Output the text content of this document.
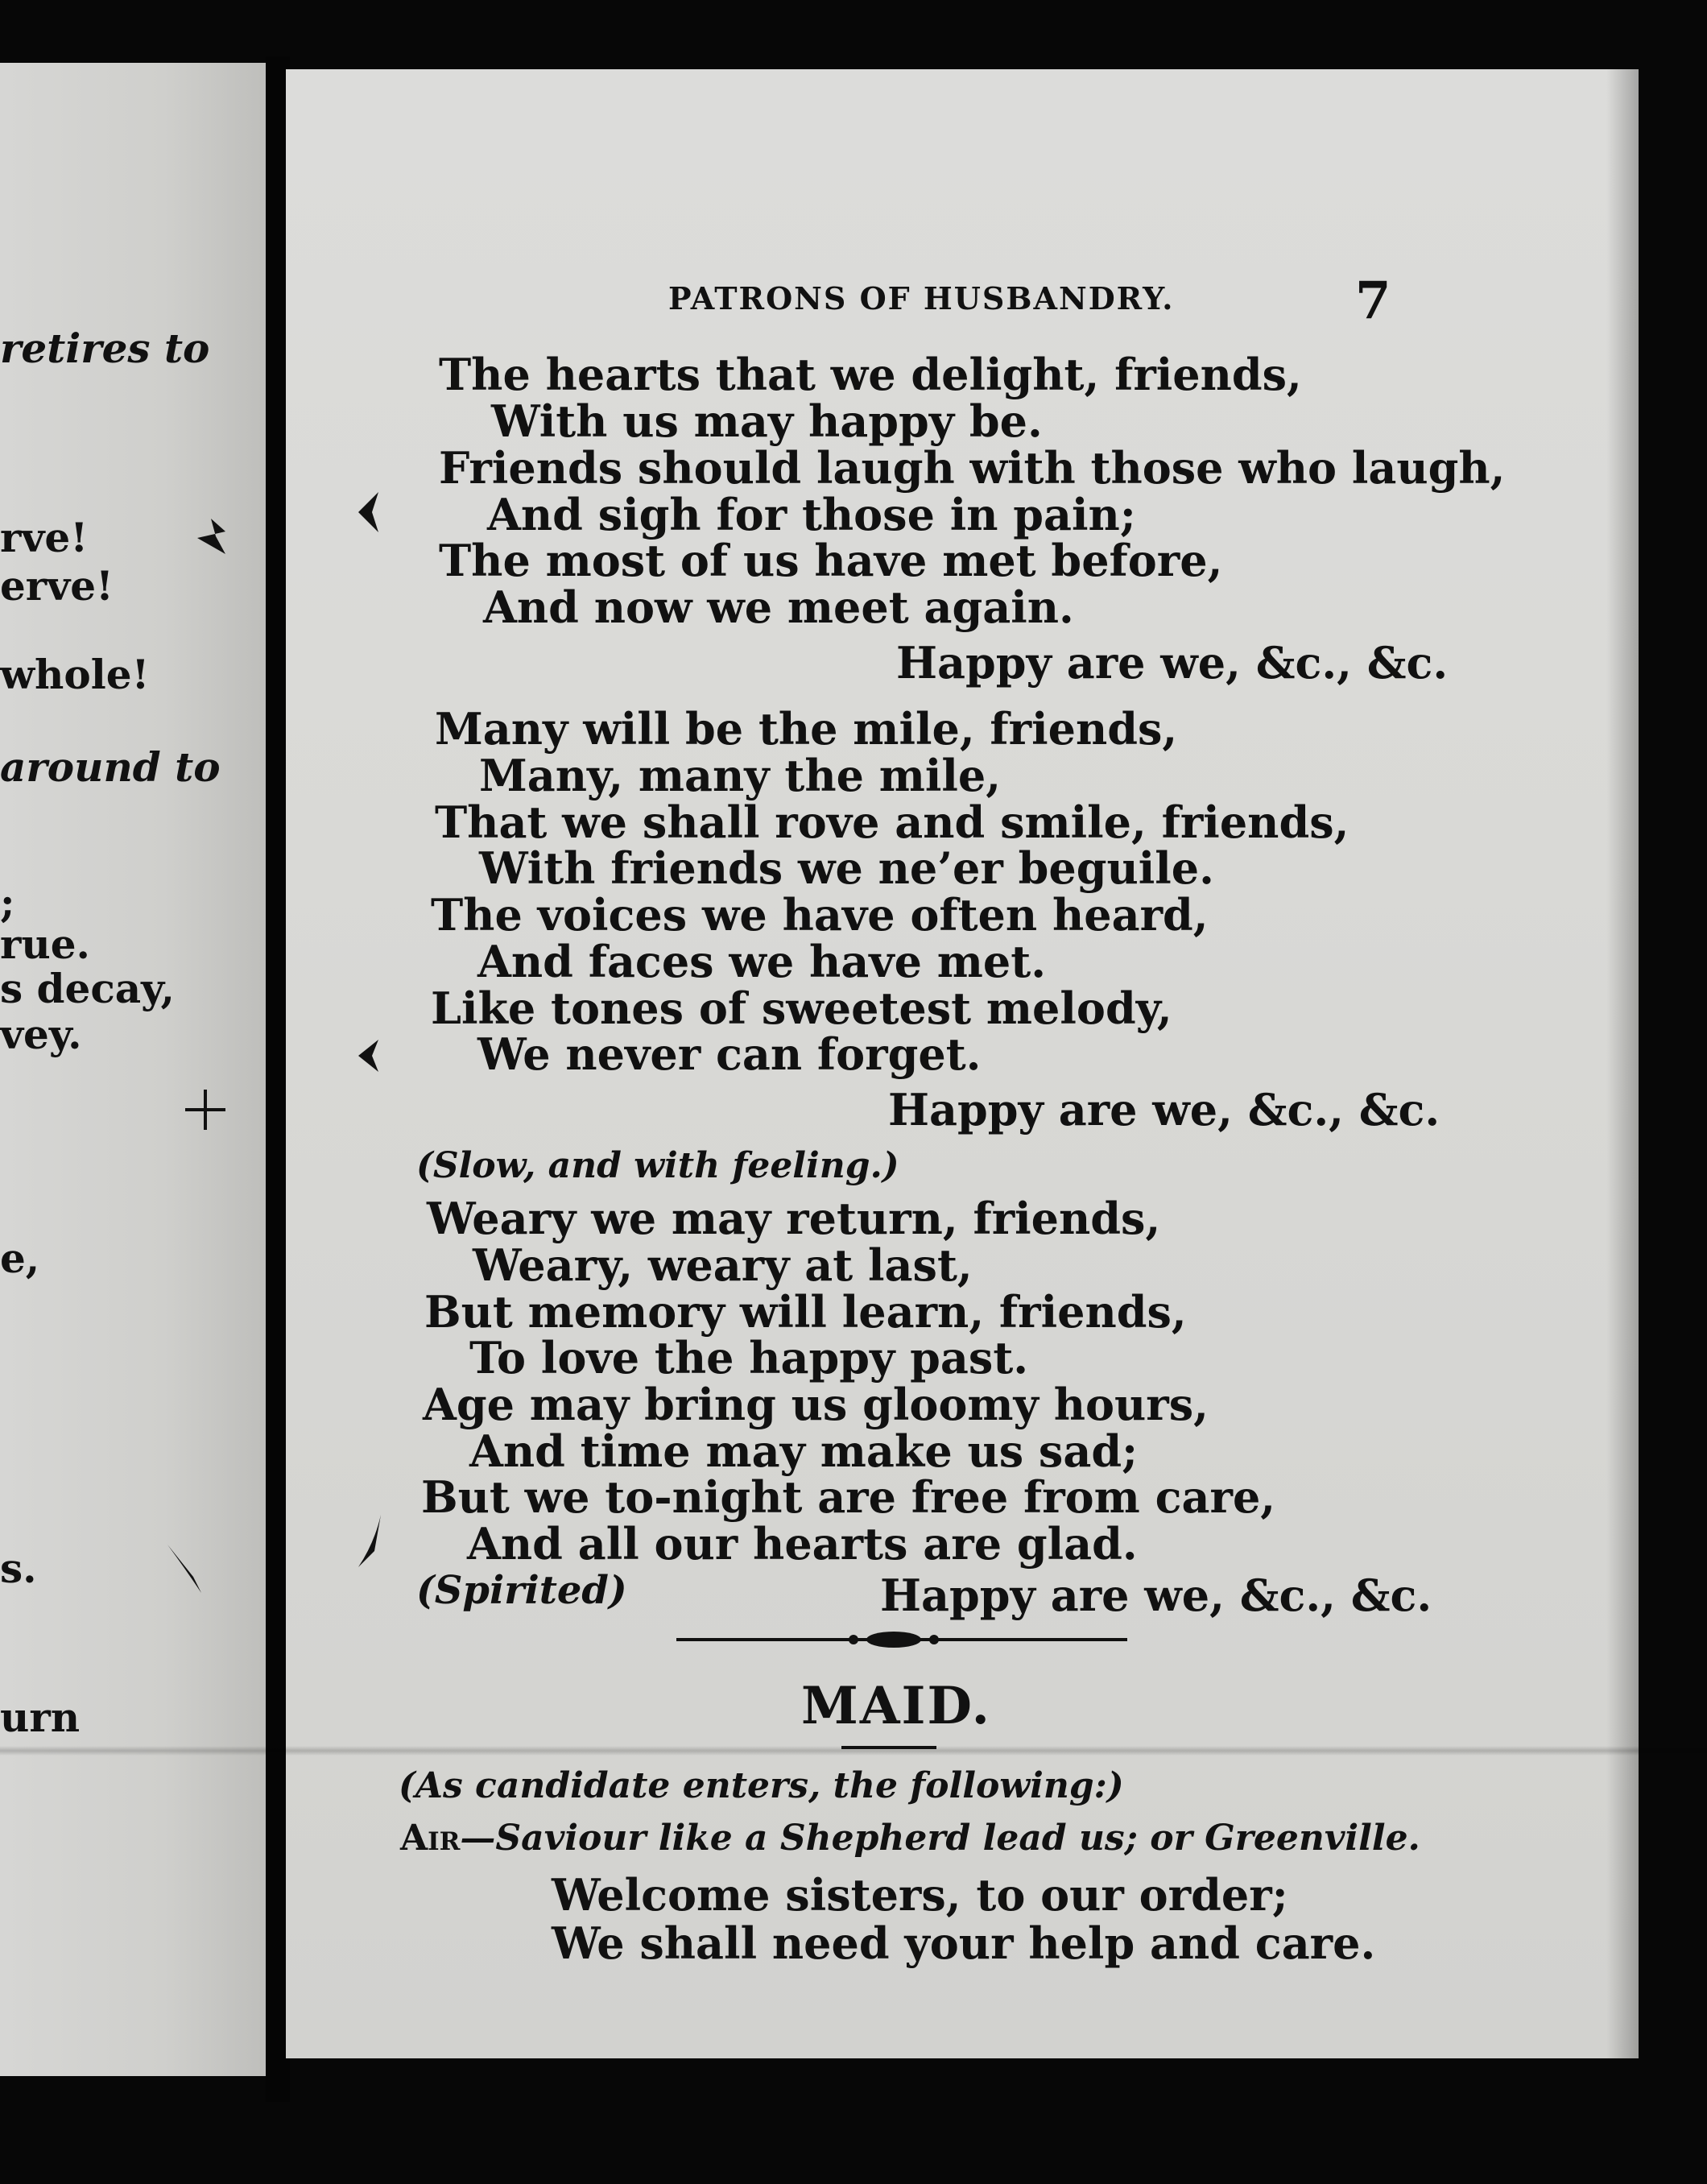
retires to
rve!
erve!
whole!
around to
;
rue.
s decay,
vey.
e,
s.
urn
PATRONS OF HUSBANDRY.	7
The hearts that we delight, friends,
With us may happy be.
Friends should laugh with those who laugh,
And sigh for those in pain;
The most of us have met before,
And now we meet again.
Happy are we, &c., &c.
Many will be the mile, friends,
Many, many the mile,
That we shall rove and smile, friends,
With friends we ne’er beguile.
The voices we have often heard,
And faces we have met.
Like tones of sweetest melody,
We never can forget.
Happy are we, &c., &c.
(Slow, and with feeling.)
Weary we may return, friends,
Weary, weary at last,
But memory will learn, friends,
To love the happy past.
Age may bring us gloomy hours,
And time may make us sad;
But we to-night are free from care,
And all our hearts are glad.
(Spirited)	Happy are we, &c., &c.
MAID.
(As candidate enters, the following:)
Air—Saviour like a Shepherd lead us; or Greenville.
Welcome sisters, to our order;
We shall need your help and care.
